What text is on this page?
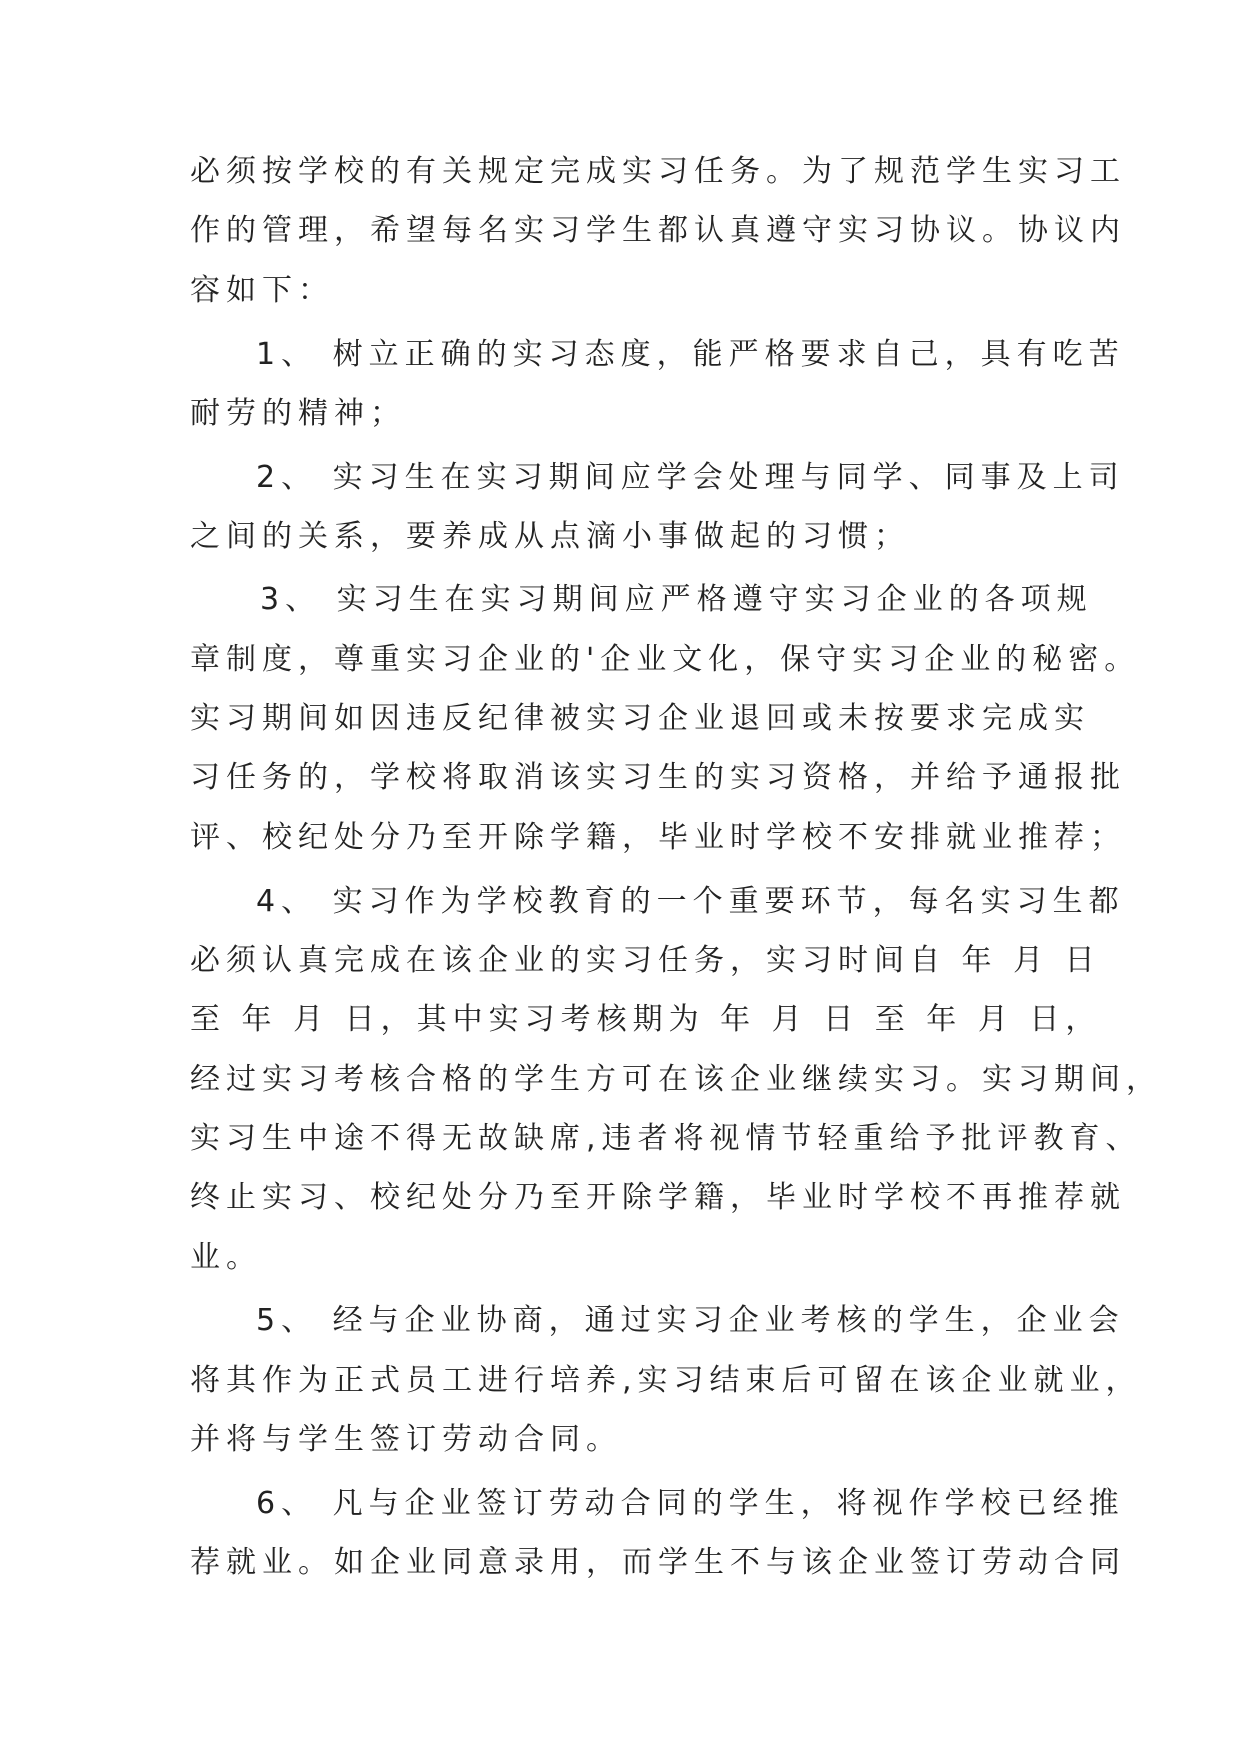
必须按学校的有关规定完成实习任务。为了规范学生实习工
作的管理，希望每名实习学生都认真遵守实习协议。协议内
容如下：
1、 树立正确的实习态度，能严格要求自己，具有吃苦
耐劳的精神；
2、 实习生在实习期间应学会处理与同学、同事及上司
之间的关系，要养成从点滴小事做起的习惯；
3、 实习生在实习期间应严格遵守实习企业的各项规
章制度，尊重实习企业的'企业文化，保守实习企业的秘密。
实习期间如因违反纪律被实习企业退回或未按要求完成实
习任务的，学校将取消该实习生的实习资格，并给予通报批
评、校纪处分乃至开除学籍，毕业时学校不安排就业推荐；
4、 实习作为学校教育的一个重要环节，每名实习生都
必须认真完成在该企业的实习任务，实习时间自 年 月 日
至 年 月 日，其中实习考核期为 年 月 日 至 年 月 日，
经过实习考核合格的学生方可在该企业继续实习。实习期间，
实习生中途不得无故缺席,违者将视情节轻重给予批评教育、
终止实习、校纪处分乃至开除学籍，毕业时学校不再推荐就
业。
5、 经与企业协商，通过实习企业考核的学生，企业会
将其作为正式员工进行培养,实习结束后可留在该企业就业，
并将与学生签订劳动合同。
6、 凡与企业签订劳动合同的学生，将视作学校已经推
荐就业。如企业同意录用，而学生不与该企业签订劳动合同
